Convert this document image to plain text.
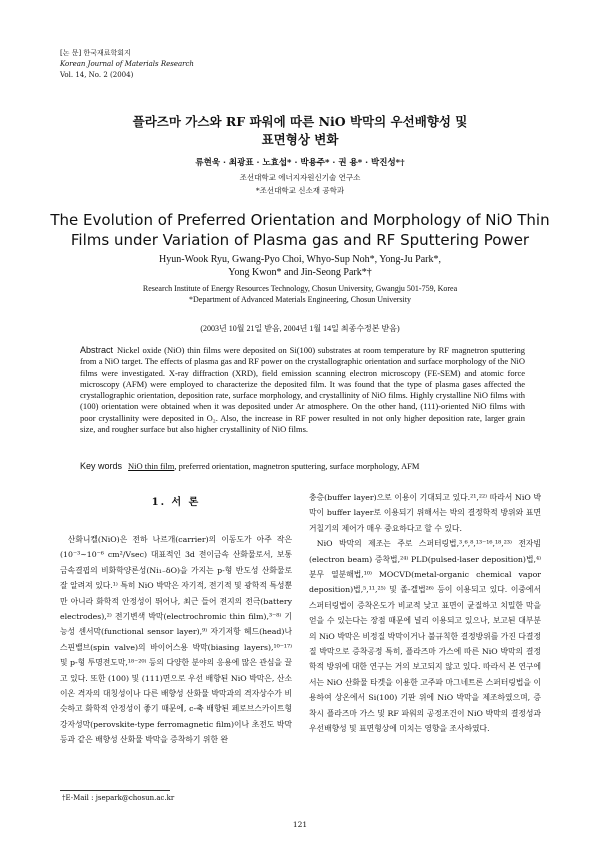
[논 문] 한국재료학회지
Korean Journal of Materials Research
Vol. 14, No. 2 (2004)
플라즈마 가스와 RF 파워에 따른 NiO 박막의 우선배향성 및
표면형상 변화
류현욱 · 최광표 · 노효섭* · 박용주* · 권 용* · 박진성*†
조선대학교 에너지자원신기술 연구소
*조선대학교 신소재 공학과
The Evolution of Preferred Orientation and Morphology of NiO Thin
Films under Variation of Plasma gas and RF Sputtering Power
Hyun-Wook Ryu, Gwang-Pyo Choi, Whyo-Sup Noh*, Yong-Ju Park*,
Yong Kwon* and Jin-Seong Park*†
Research Institute of Energy Resources Technology, Chosun University, Gwangju 501-759, Korea
*Department of Advanced Materials Engineering, Chosun University
(2003년 10월 21일 받음, 2004년 1월 14일 최종수정본 받음)
Abstract Nickel oxide (NiO) thin films were deposited on Si(100) substrates at room temperature by RF magnetron sputtering from a NiO target. The effects of plasma gas and RF power on the crystallographic orientation and surface morphology of the NiO films were investigated. X-ray diffraction (XRD), field emission scanning electron microscopy (FE-SEM) and atomic force microscopy (AFM) were employed to characterize the deposited film. It was found that the type of plasma gases affected the crystallographic orientation, deposition rate, surface morphology, and crystallinity of NiO films. Highly crystalline NiO films with (100) orientation were obtained when it was deposited under Ar atmosphere. On the other hand, (111)-oriented NiO films with poor crystallinity were deposited in O₂. Also, the increase in RF power resulted in not only higher deposition rate, larger grain size, and rougher surface but also higher crystallinity of NiO films.
Key words NiO thin film, preferred orientation, magnetron sputtering, surface morphology, AFM
1. 서 론

산화니켈(NiO)은 전하 나르개(carrier)의 이동도가 아주 작은 (10⁻³~10⁻⁶ cm²/Vsec) 대표적인 3d 전이금속 산화물로서, 보통 금속결핍의 비화학양론성(Ni₁₋δO)을 가지는 p-형 반도성 산화물로 잘 알려져 있다.¹⁾ 특히 NiO 박막은 자기적, 전기적 및 광학적 특성뿐만 아니라 화학적 안정성이 뛰어나, 최근 들어 전지의 전극(battery electrodes),²⁾ 전기변색 박막(electrochromic thin film),³⁻⁸⁾ 기능성 센서막(functional sensor layer),⁹⁾ 자기저항 헤드(head)나 스핀밸브(spin valve)의 바이어스용 박막(biasing layers),¹⁰⁻¹⁷⁾ 및 p-형 투명전도막,¹⁸⁻²⁰⁾ 등의 다양한 분야의 응용에 많은 관심을 끌고 있다. 또한 (100) 및 (111)면으로 우선 배향된 NiO 박막은, 산소이온 격자의 대칭성이나 다른 배향성 산화물 박막과의 격자상수가 비슷하고 화학적 안정성이 좋기 때문에, c-축 배향된 페로브스카이트형 강자성막(perovskite-type ferromagnetic film)이나 초전도 박막 등과 같은 배향성 산화물 박막을 증착하기 위한 완

충층(buffer layer)으로 이용이 기대되고 있다.²¹,²²⁾ 따라서 NiO 박막이 buffer layer로 이용되기 위해서는 박의 결정학적 방위와 표면 거칠기의 제어가 매우 중요하다고 할 수 있다.

NiO 박막의 제조는 주로 스퍼터링법,³,⁶,⁸,¹³⁻¹⁶,¹⁸,²³⁾ 전자빔(electron beam) 증착법,²⁴⁾ PLD(pulsed-laser deposition)법,⁴⁾ 분무 열분해법,¹⁰⁾ MOCVD(metal-organic chemical vapor deposition)법,⁵,¹¹,²⁵⁾ 및 졸-겔법²⁶⁾ 등이 이용되고 있다. 이중에서 스퍼터링법이 증착온도가 비교적 낮고 표면이 균질하고 치밀한 막을 얻을 수 있는다는 장점 때문에 널리 이용되고 있으나, 보고된 대부분의 NiO 박막은 비정질 박막이거나 불규칙한 결정방위를 가진 다결정질 박막으로 증착공정 특히, 플라즈마 가스에 따른 NiO 박막의 결정학적 방위에 대한 연구는 거의 보고되지 않고 있다. 따라서 본 연구에서는 NiO 산화물 타겟을 이용한 고주파 마그네트론 스퍼터링법을 이용하여 상온에서 Si(100) 기판 위에 NiO 박막을 제조하였으며, 증착시 플라즈마 가스 및 RF 파워의 공정조건이 NiO 박막의 결정성과 우선배향성 및 표면형상에 미치는 영향을 조사하였다.

†E-Mail : jsepark@chosun.ac.kr
121
